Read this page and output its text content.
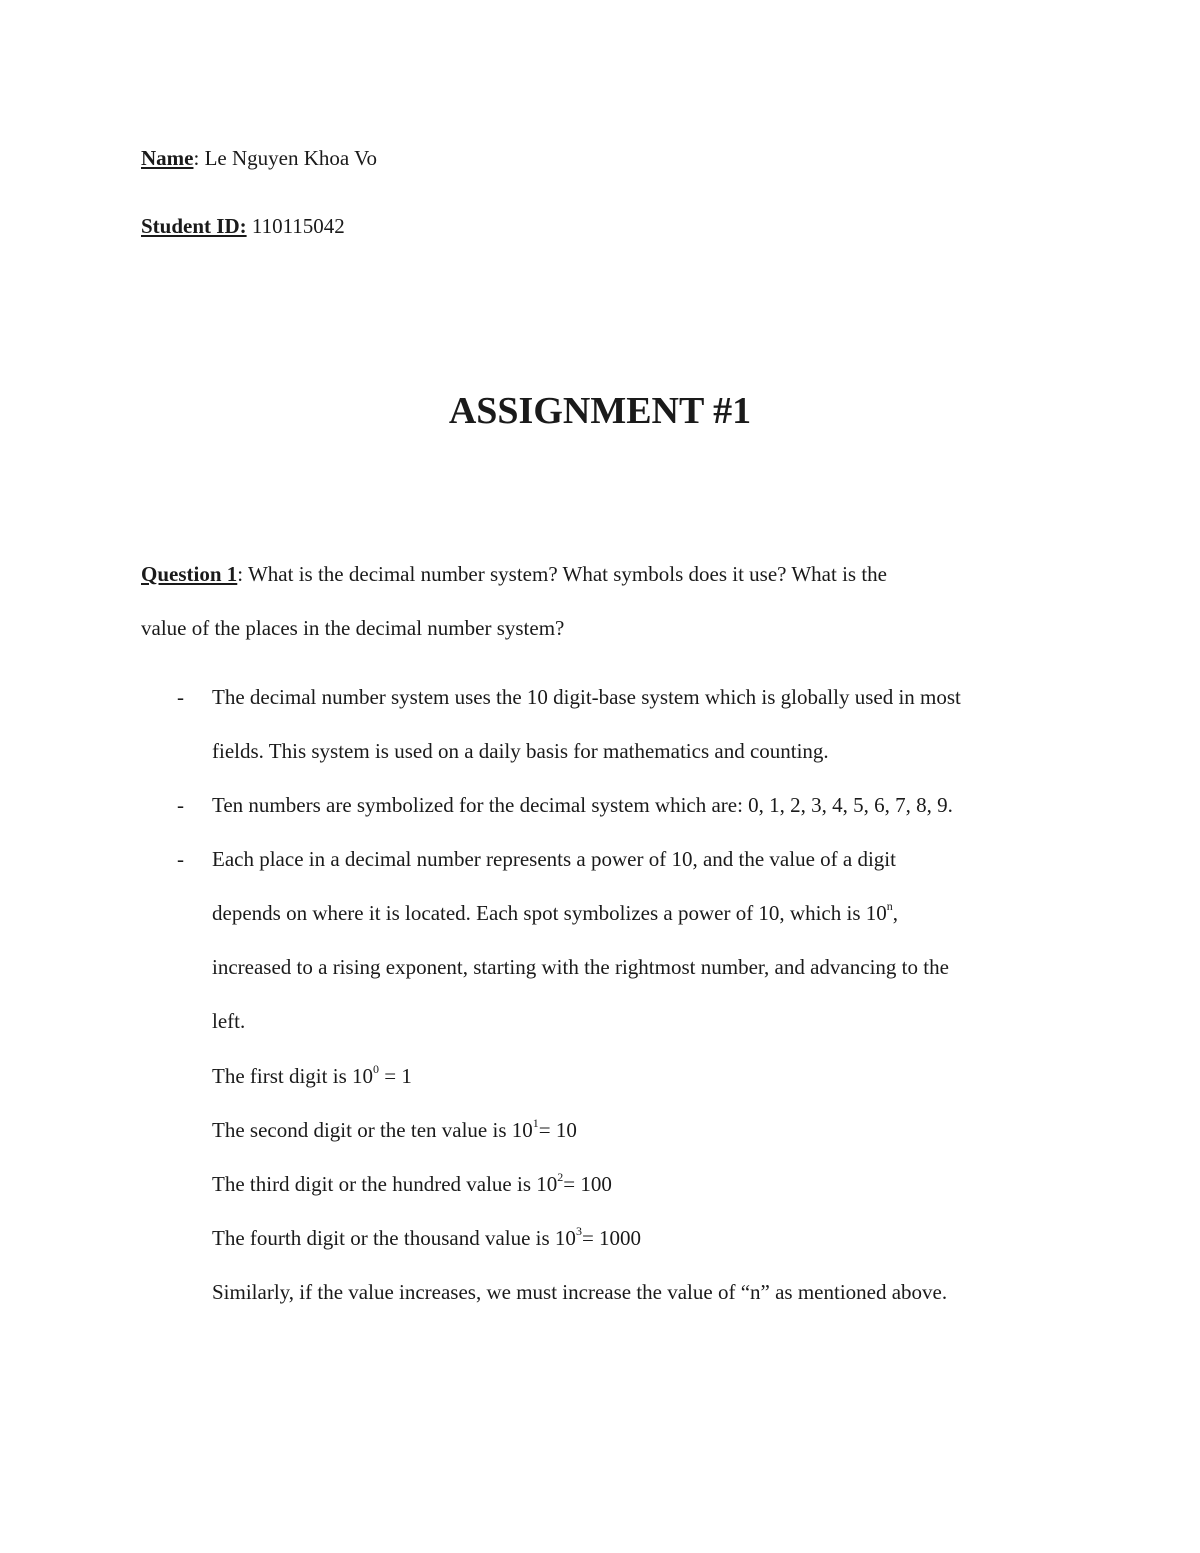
Name: Le Nguyen Khoa Vo
Student ID: 110115042
ASSIGNMENT #1
Question 1: What is the decimal number system? What symbols does it use? What is the
value of the places in the decimal number system?
- The decimal number system uses the 10 digit-base system which is globally used in most
fields. This system is used on a daily basis for mathematics and counting.
- Ten numbers are symbolized for the decimal system which are: 0, 1, 2, 3, 4, 5, 6, 7, 8, 9.
- Each place in a decimal number represents a power of 10, and the value of a digit
depends on where it is located. Each spot symbolizes a power of 10, which is 10$^n$,
increased to a rising exponent, starting with the rightmost number, and advancing to the
left.
The first digit is $10^0 = 1$
The second digit or the ten value is $10^1= 10$
The third digit or the hundred value is $10^2= 100$
The fourth digit or the thousand value is $10^3= 1000$
Similarly, if the value increases, we must increase the value of “n” as mentioned above.
